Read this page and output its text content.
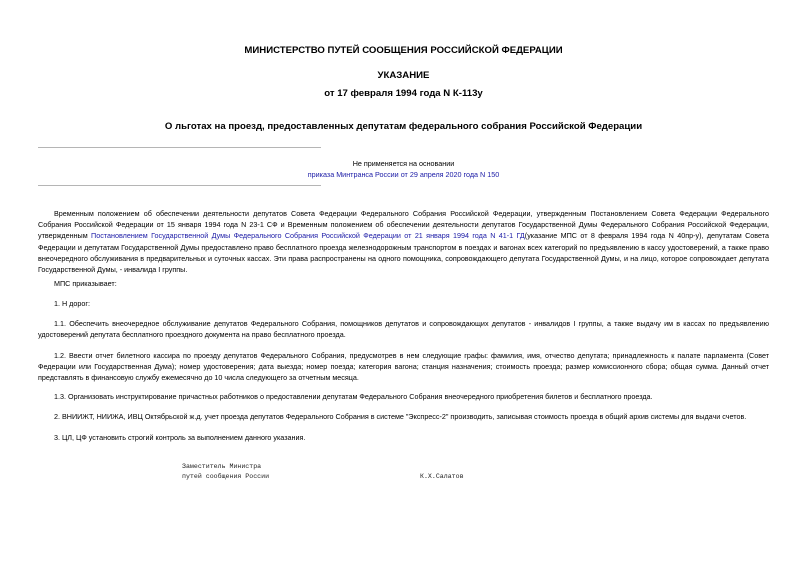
МИНИСТЕРСТВО ПУТЕЙ СООБЩЕНИЯ РОССИЙСКОЙ ФЕДЕРАЦИИ
УКАЗАНИЕ
от 17 февраля 1994 года N К-113у
О льготах на проезд, предоставленных депутатам федерального собрания Российской Федерации
Не применяется на основании
приказа Минтранса России от 29 апреля 2020 года N 150
Временным положением об обеспечении деятельности депутатов Совета Федерации Федерального Собрания Российской Федерации, утвержденным Постановлением Совета Федерации Федерального Собрания Российской Федерации от 15 января 1994 года N 23-1 СФ и Временным положением об обеспечении деятельности депутатов Государственной Думы Федерального Собрания Российской Федерации, утвержденным Постановлением Государственной Думы Федерального Собрания Российской Федерации от 21 января 1994 года N 41-1 ГД(указание МПС от 8 февраля 1994 года N 40пр-у), депутатам Совета Федерации и депутатам Государственной Думы предоставлено право бесплатного проезда железнодорожным транспортом в поездах и вагонах всех категорий по предъявлению в кассу удостоверений, а также право внеочередного обслуживания в предварительных и суточных кассах. Эти права распространены на одного помощника, сопровождающего депутата Государственной Думы, и на лицо, которое сопровождает депутата Государственной Думы, - инвалида I группы.
МПС приказывает:
1. Н дорог:
1.1. Обеспечить внеочередное обслуживание депутатов Федерального Собрания, помощников депутатов и сопровождающих депутатов - инвалидов I группы, а также выдачу им в кассах по предъявлению удостоверений депутата бесплатного проездного документа на право бесплатного проезда.
1.2. Ввести отчет билетного кассира по проезду депутатов Федерального Собрания, предусмотрев в нем следующие графы: фамилия, имя, отчество депутата; принадлежность к палате парламента (Совет Федерации или Государственная Дума); номер удостоверения; дата выезда; номер поезда; категория вагона; станция назначения; стоимость проезда; размер комиссионного сбора; общая сумма. Данный отчет представлять в финансовую службу ежемесячно до 10 числа следующего за отчетным месяца.
1.3. Организовать инструктирование причастных работников о предоставлении депутатам Федерального Собрания внеочередного приобретения билетов и бесплатного проезда.
2. ВНИИЖТ, НИИЖА, ИВЦ Октябрьской ж.д. учет проезда депутатов Федерального Собрания в системе "Экспресс-2" производить, записывая стоимость проезда в общий архив системы для выдачи счетов.
3. ЦЛ, ЦФ установить строгий контроль за выполнением данного указания.
Заместитель Министра
путей сообщения России	К.Х.Салатов
